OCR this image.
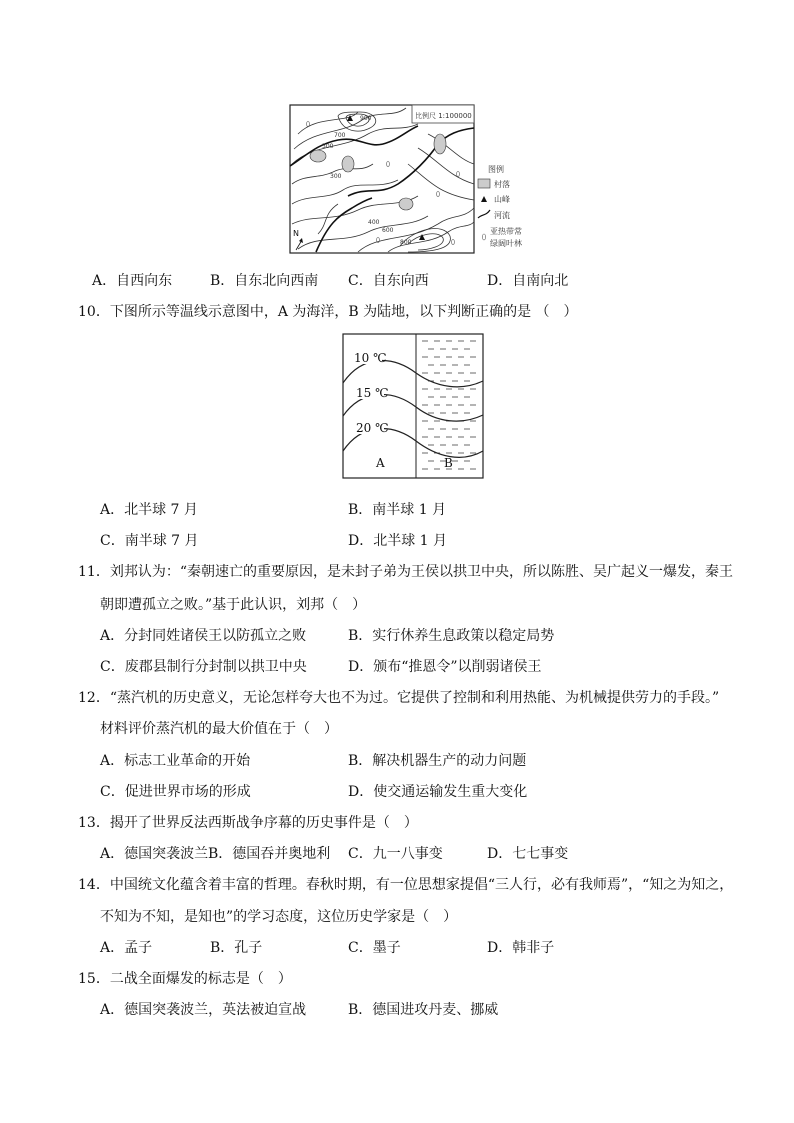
比例尺 1:100000
900
700
500
300
400
600
800
N
图例
村落
山峰
河流
亚热带常
绿阔叶林
A．自西向东	B．自东北向西南 C．自东向西	D．自南向北
10．下图所示等温线示意图中，A 为海洋，B 为陆地，以下判断正确的是 （　）
10 ℃
15 ℃
20 ℃
A	B
A．北半球 7 月	B．南半球 1 月
C．南半球 7 月	D．北半球 1 月
11．刘邦认为：“秦朝速亡的重要原因，是未封子弟为王侯以拱卫中央，所以陈胜、吴广起义一爆发，秦王
朝即遭孤立之败。”基于此认识，刘邦（　）
A．分封同姓诸侯王以防孤立之败	B．实行休养生息政策以稳定局势
C．废郡县制行分封制以拱卫中央	D．颁布“推恩令”以削弱诸侯王
12．“蒸汽机的历史意义，无论怎样夸大也不为过。它提供了控制和利用热能、为机械提供劳力的手段。”
材料评价蒸汽机的最大价值在于（　）
A．标志工业革命的开始	B．解决机器生产的动力问题
C．促进世界市场的形成	D．使交通运输发生重大变化
13．揭开了世界反法西斯战争序幕的历史事件是（　）
A．德国突袭波兰 B．德国吞并奥地利 C．九一八事变	D．七七事变
14．中国统文化蕴含着丰富的哲理。春秋时期，有一位思想家提倡“三人行，必有我师焉”，“知之为知之，
不知为不知，是知也”的学习态度，这位历史学家是（　）
A．孟子	B．孔子	C．墨子	D．韩非子
15．二战全面爆发的标志是（　）
A．德国突袭波兰，英法被迫宣战	B．德国进攻丹麦、挪威
